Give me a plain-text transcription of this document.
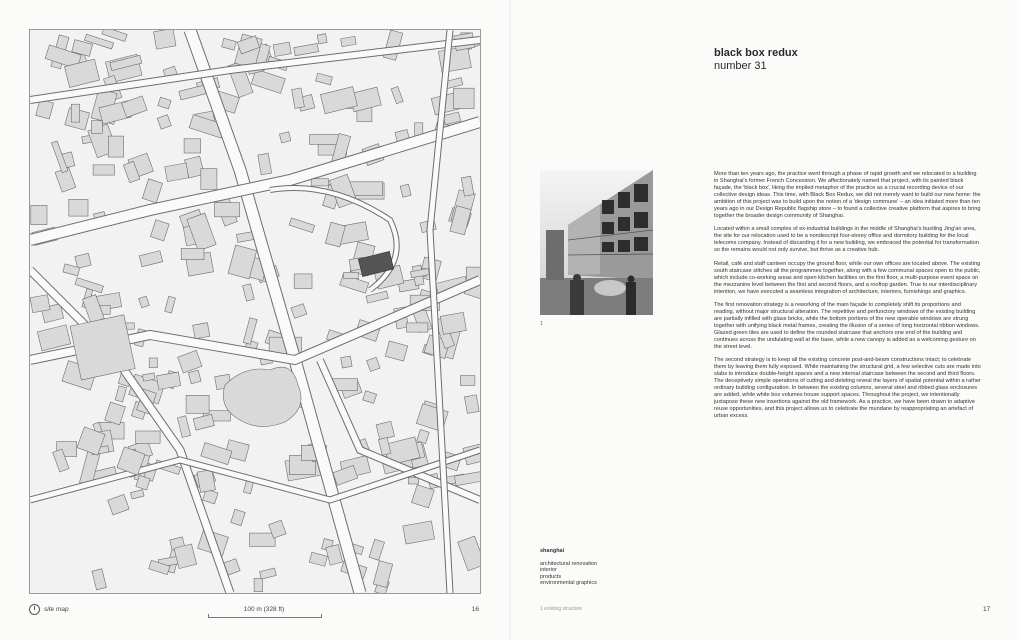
site map	100 m (328 ft)	16
black box redux
number 31
1
shanghai
architectural renovation
interior
products
environmental graphics

More than ten years ago, the practice went through a phase of rapid growth and we relocated to a building in Shanghai's former French Concession. We affectionately named that project, with its painted black façade, the 'black box', liking the implied metaphor of the practice as a crucial recording device of our collective design ideas. This time, with Black Box Redux, we did not merely want to build our new home: the ambition of this project was to build upon the notion of a 'design commune' – an idea initiated more than ten years ago in our Design Republic flagship store – to found a collective creative platform that aspires to bring together the broader design community of Shanghai.

Located within a small complex of ex-industrial buildings in the middle of Shanghai's bustling Jing'an area, the site for our relocation used to be a nondescript four-storey office and dormitory building for the local telecoms company. Instead of discarding it for a new building, we embraced the potential for transformation so the remains would not only survive, but thrive as a creative hub.

Retail, café and staff canteen occupy the ground floor, while our own offices are located above. The existing south staircase stitches all the programmes together, along with a few communal spaces open to the public, which include co-working areas and open kitchen facilities on the first floor, a multi-purpose event space on the mezzanine level between the first and second floors, and a rooftop garden. True to our interdisciplinary intention, we have executed a seamless integration of architecture, interiors, furnishings and graphics.

The first renovation strategy is a reworking of the main façade to completely shift its proportions and reading, without major structural alteration. The repetitive and perfunctory windows of the existing building are partially infilled with glass bricks, while the bottom portions of the new operable windows are strung together with unifying black metal frames, creating the illusion of a series of long horizontal ribbon windows. Glazed green tiles are used to define the rounded staircase that anchors one end of the building and continues across the undulating wall at the base, while a new canopy is added as a welcoming gesture on the street level.

The second strategy is to keep all the existing concrete post-and-beam constructions intact; to celebrate them by leaving them fully exposed. While maintaining the structural grid, a few selective cuts are made into slabs to introduce double-height spaces and a new internal staircase between the second and third floors. The deceptively simple operations of cutting and deleting reveal the layers of spatial potential within a rather ordinary building configuration. In between the existing columns, several steel and ribbed glass enclosures are added, while white box volumes house support spaces. Throughout the project, we intentionally juxtapose these new insertions against the old framework. As a practice, we have been drawn to adaptive reuse opportunities, and this project allows us to celebrate the mundane by reappropriating an artefact of urban excess.

1 existing structure	17
